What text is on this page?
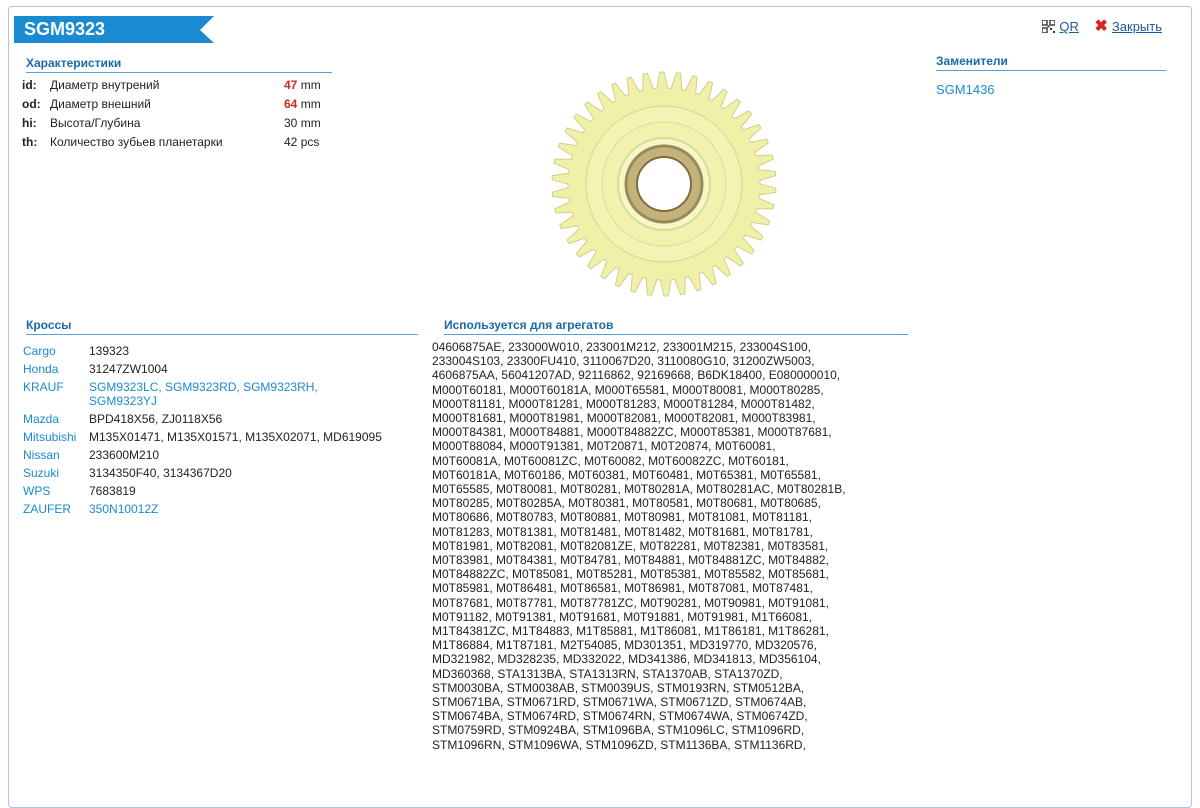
SGM9323	QR ✖ Закрыть
Характеристики
id:	Диаметр внутрений	47 mm
od:	Диаметр внешний	64 mm
hi:	Высота/Глубина	30 mm
th:	Количество зубьев планетарки	42 pcs
Заменители
SGM1436
Кроссы
Cargo	139323
Honda	31247ZW1004
KRAUF	SGM9323LC, SGM9323RD, SGM9323RH, SGM9323YJ
Mazda	BPD418X56, ZJ0118X56
Mitsubishi	M135X01471, M135X01571, M135X02071, MD619095
Nissan	233600M210
Suzuki	3134350F40, 3134367D20
WPS	7683819
ZAUFER	350N10012Z
Используется для агрегатов
04606875AE, 233000W010, 233001M212, 233001M215, 233004S100,
233004S103, 23300FU410, 3110067D20, 3110080G10, 31200ZW5003,
4606875AA, 56041207AD, 92116862, 92169668, B6DK18400, E080000010,
M000T60181, M000T60181A, M000T65581, M000T80081, M000T80285,
M000T81181, M000T81281, M000T81283, M000T81284, M000T81482,
M000T81681, M000T81981, M000T82081, M000T82081, M000T83981,
M000T84381, M000T84881, M000T84882ZC, M000T85381, M000T87681,
M000T88084, M000T91381, M0T20871, M0T20874, M0T60081,
M0T60081A, M0T60081ZC, M0T60082, M0T60082ZC, M0T60181,
M0T60181A, M0T60186, M0T60381, M0T60481, M0T65381, M0T65581,
M0T65585, M0T80081, M0T80281, M0T80281A, M0T80281AC, M0T80281B,
M0T80285, M0T80285A, M0T80381, M0T80581, M0T80681, M0T80685,
M0T80686, M0T80783, M0T80881, M0T80981, M0T81081, M0T81181,
M0T81283, M0T81381, M0T81481, M0T81482, M0T81681, M0T81781,
M0T81981, M0T82081, M0T82081ZE, M0T82281, M0T82381, M0T83581,
M0T83981, M0T84381, M0T84781, M0T84881, M0T84881ZC, M0T84882,
M0T84882ZC, M0T85081, M0T85281, M0T85381, M0T85582, M0T85681,
M0T85981, M0T86481, M0T86581, M0T86981, M0T87081, M0T87481,
M0T87681, M0T87781, M0T87781ZC, M0T90281, M0T90981, M0T91081,
M0T91182, M0T91381, M0T91681, M0T91881, M0T91981, M1T66081,
M1T84381ZC, M1T84883, M1T85881, M1T86081, M1T86181, M1T86281,
M1T86884, M1T87181, M2T54085, MD301351, MD319770, MD320576,
MD321982, MD328235, MD332022, MD341386, MD341813, MD356104,
MD360368, STA1313BA, STA1313RN, STA1370AB, STA1370ZD,
STM0030BA, STM0038AB, STM0039US, STM0193RN, STM0512BA,
STM0671BA, STM0671RD, STM0671WA, STM0671ZD, STM0674AB,
STM0674BA, STM0674RD, STM0674RN, STM0674WA, STM0674ZD,
STM0759RD, STM0924BA, STM1096BA, STM1096LC, STM1096RD,
STM1096RN, STM1096WA, STM1096ZD, STM1136BA, STM1136RD,
